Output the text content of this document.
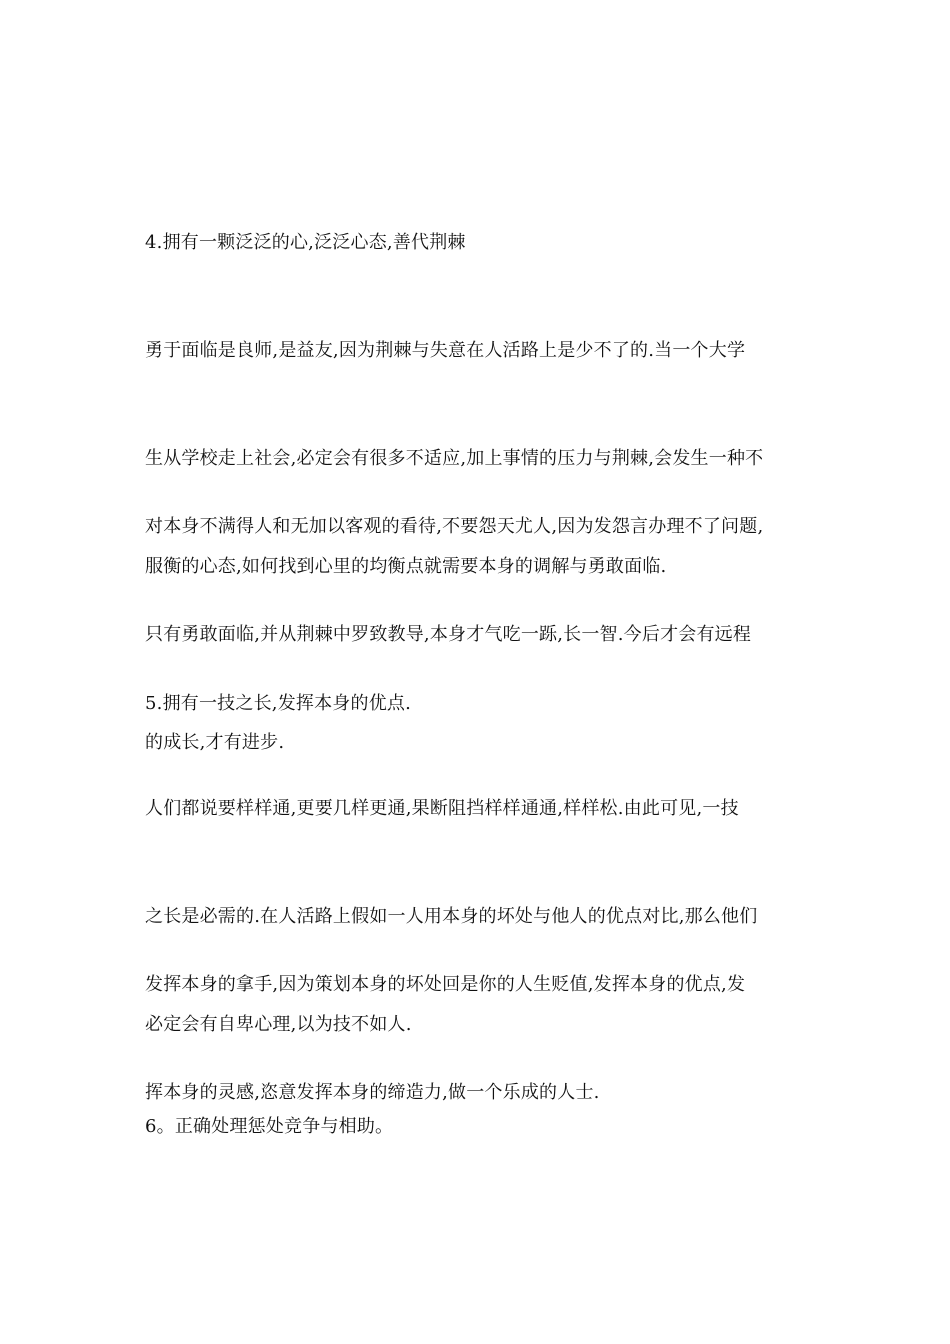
4.拥有一颗泛泛的心,泛泛心态,善代荆棘

勇于面临是良师,是益友,因为荆棘与失意在人活路上是少不了的.当一个大学

生从学校走上社会,必定会有很多不适应,加上事情的压力与荆棘,会发生一种不

服衡的心态,如何找到心里的均衡点就需要本身的调解与勇敢面临.

对本身不满得人和无加以客观的看待,不要怨天尤人,因为发怨言办理不了问题,

只有勇敢面临,并从荆棘中罗致教导,本身才气吃一跞,长一智.今后才会有远程

的成长,才有进步.

5.拥有一技之长,发挥本身的优点.

人们都说要样样通,更要几样更通,果断阻挡样样通通,样样松.由此可见,一技

之长是必需的.在人活路上假如一人用本身的坏处与他人的优点对比,那么他们

必定会有自卑心理,以为技不如人.

发挥本身的拿手,因为策划本身的坏处回是你的人生贬值,发挥本身的优点,发

挥本身的灵感,恣意发挥本身的缔造力,做一个乐成的人士.

6。正确处理惩处竞争与相助。
